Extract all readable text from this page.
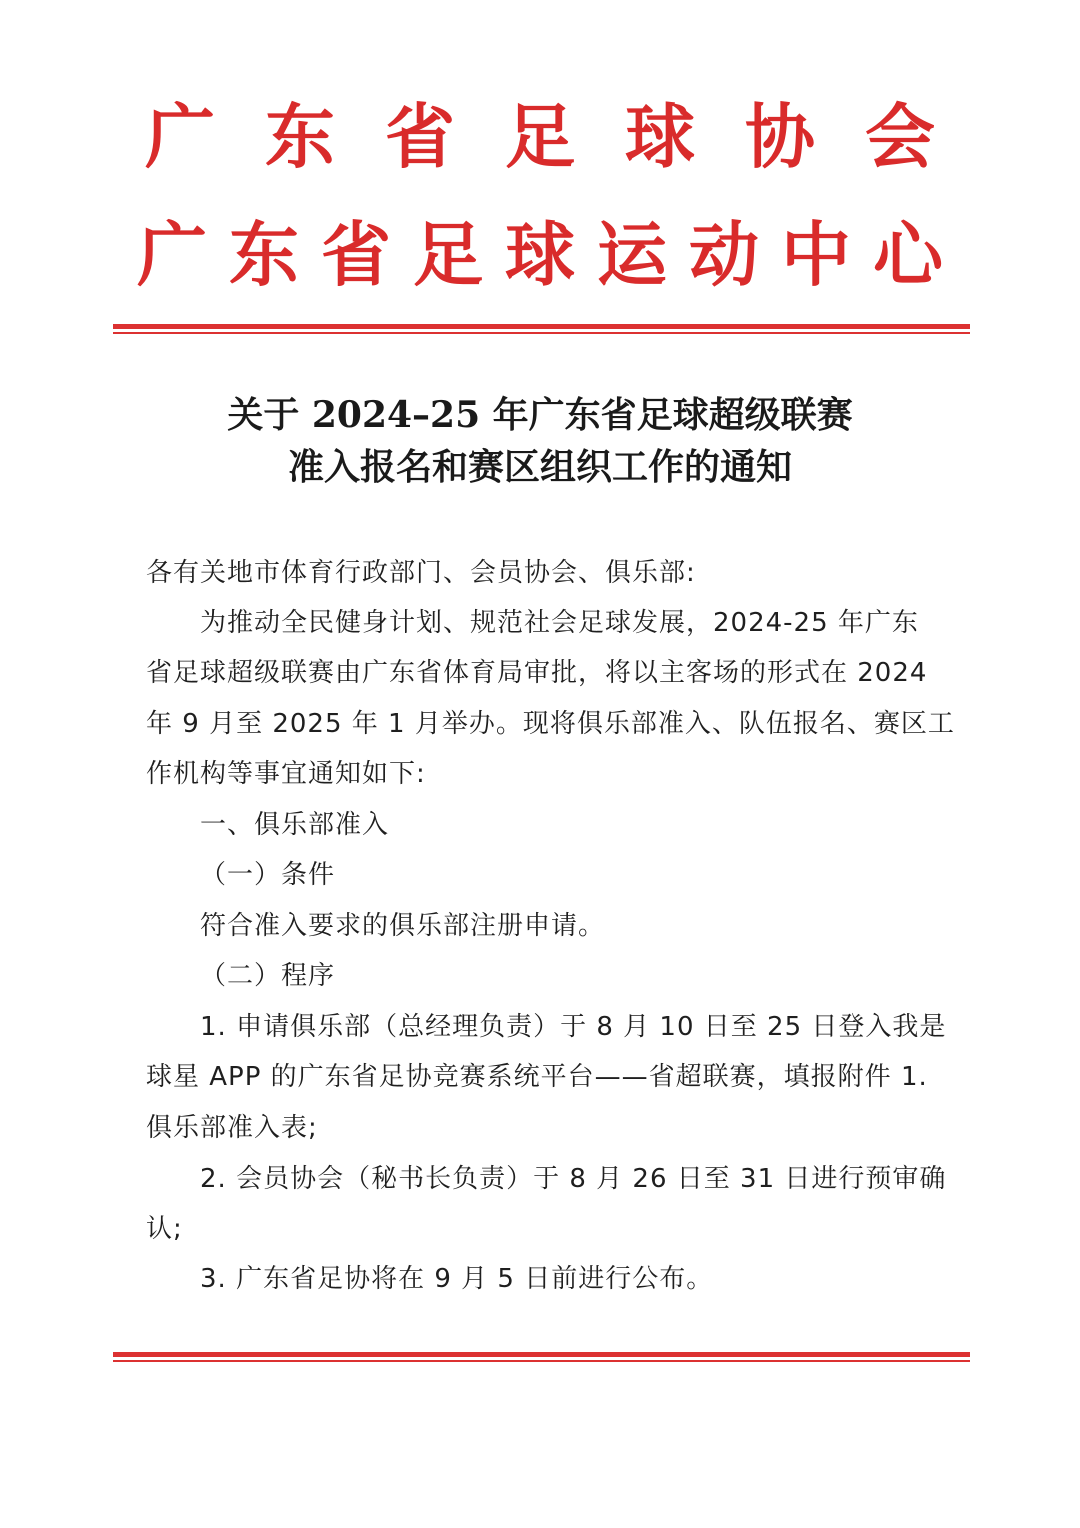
广东省足球协会
广东省足球运动中心
关于 2024–25 年广东省足球超级联赛
准入报名和赛区组织工作的通知
各有关地市体育行政部门、会员协会、俱乐部:
为推动全民健身计划、规范社会足球发展，2024-25 年广东
省足球超级联赛由广东省体育局审批，将以主客场的形式在 2024
年 9 月至 2025 年 1 月举办。现将俱乐部准入、队伍报名、赛区工
作机构等事宜通知如下:
一、俱乐部准入
（一）条件
符合准入要求的俱乐部注册申请。
（二）程序
1. 申请俱乐部（总经理负责）于 8 月 10 日至 25 日登入我是
球星 APP 的广东省足协竞赛系统平台——省超联赛，填报附件 1.
俱乐部准入表;
2. 会员协会（秘书长负责）于 8 月 26 日至 31 日进行预审确
认;
3. 广东省足协将在 9 月 5 日前进行公布。
